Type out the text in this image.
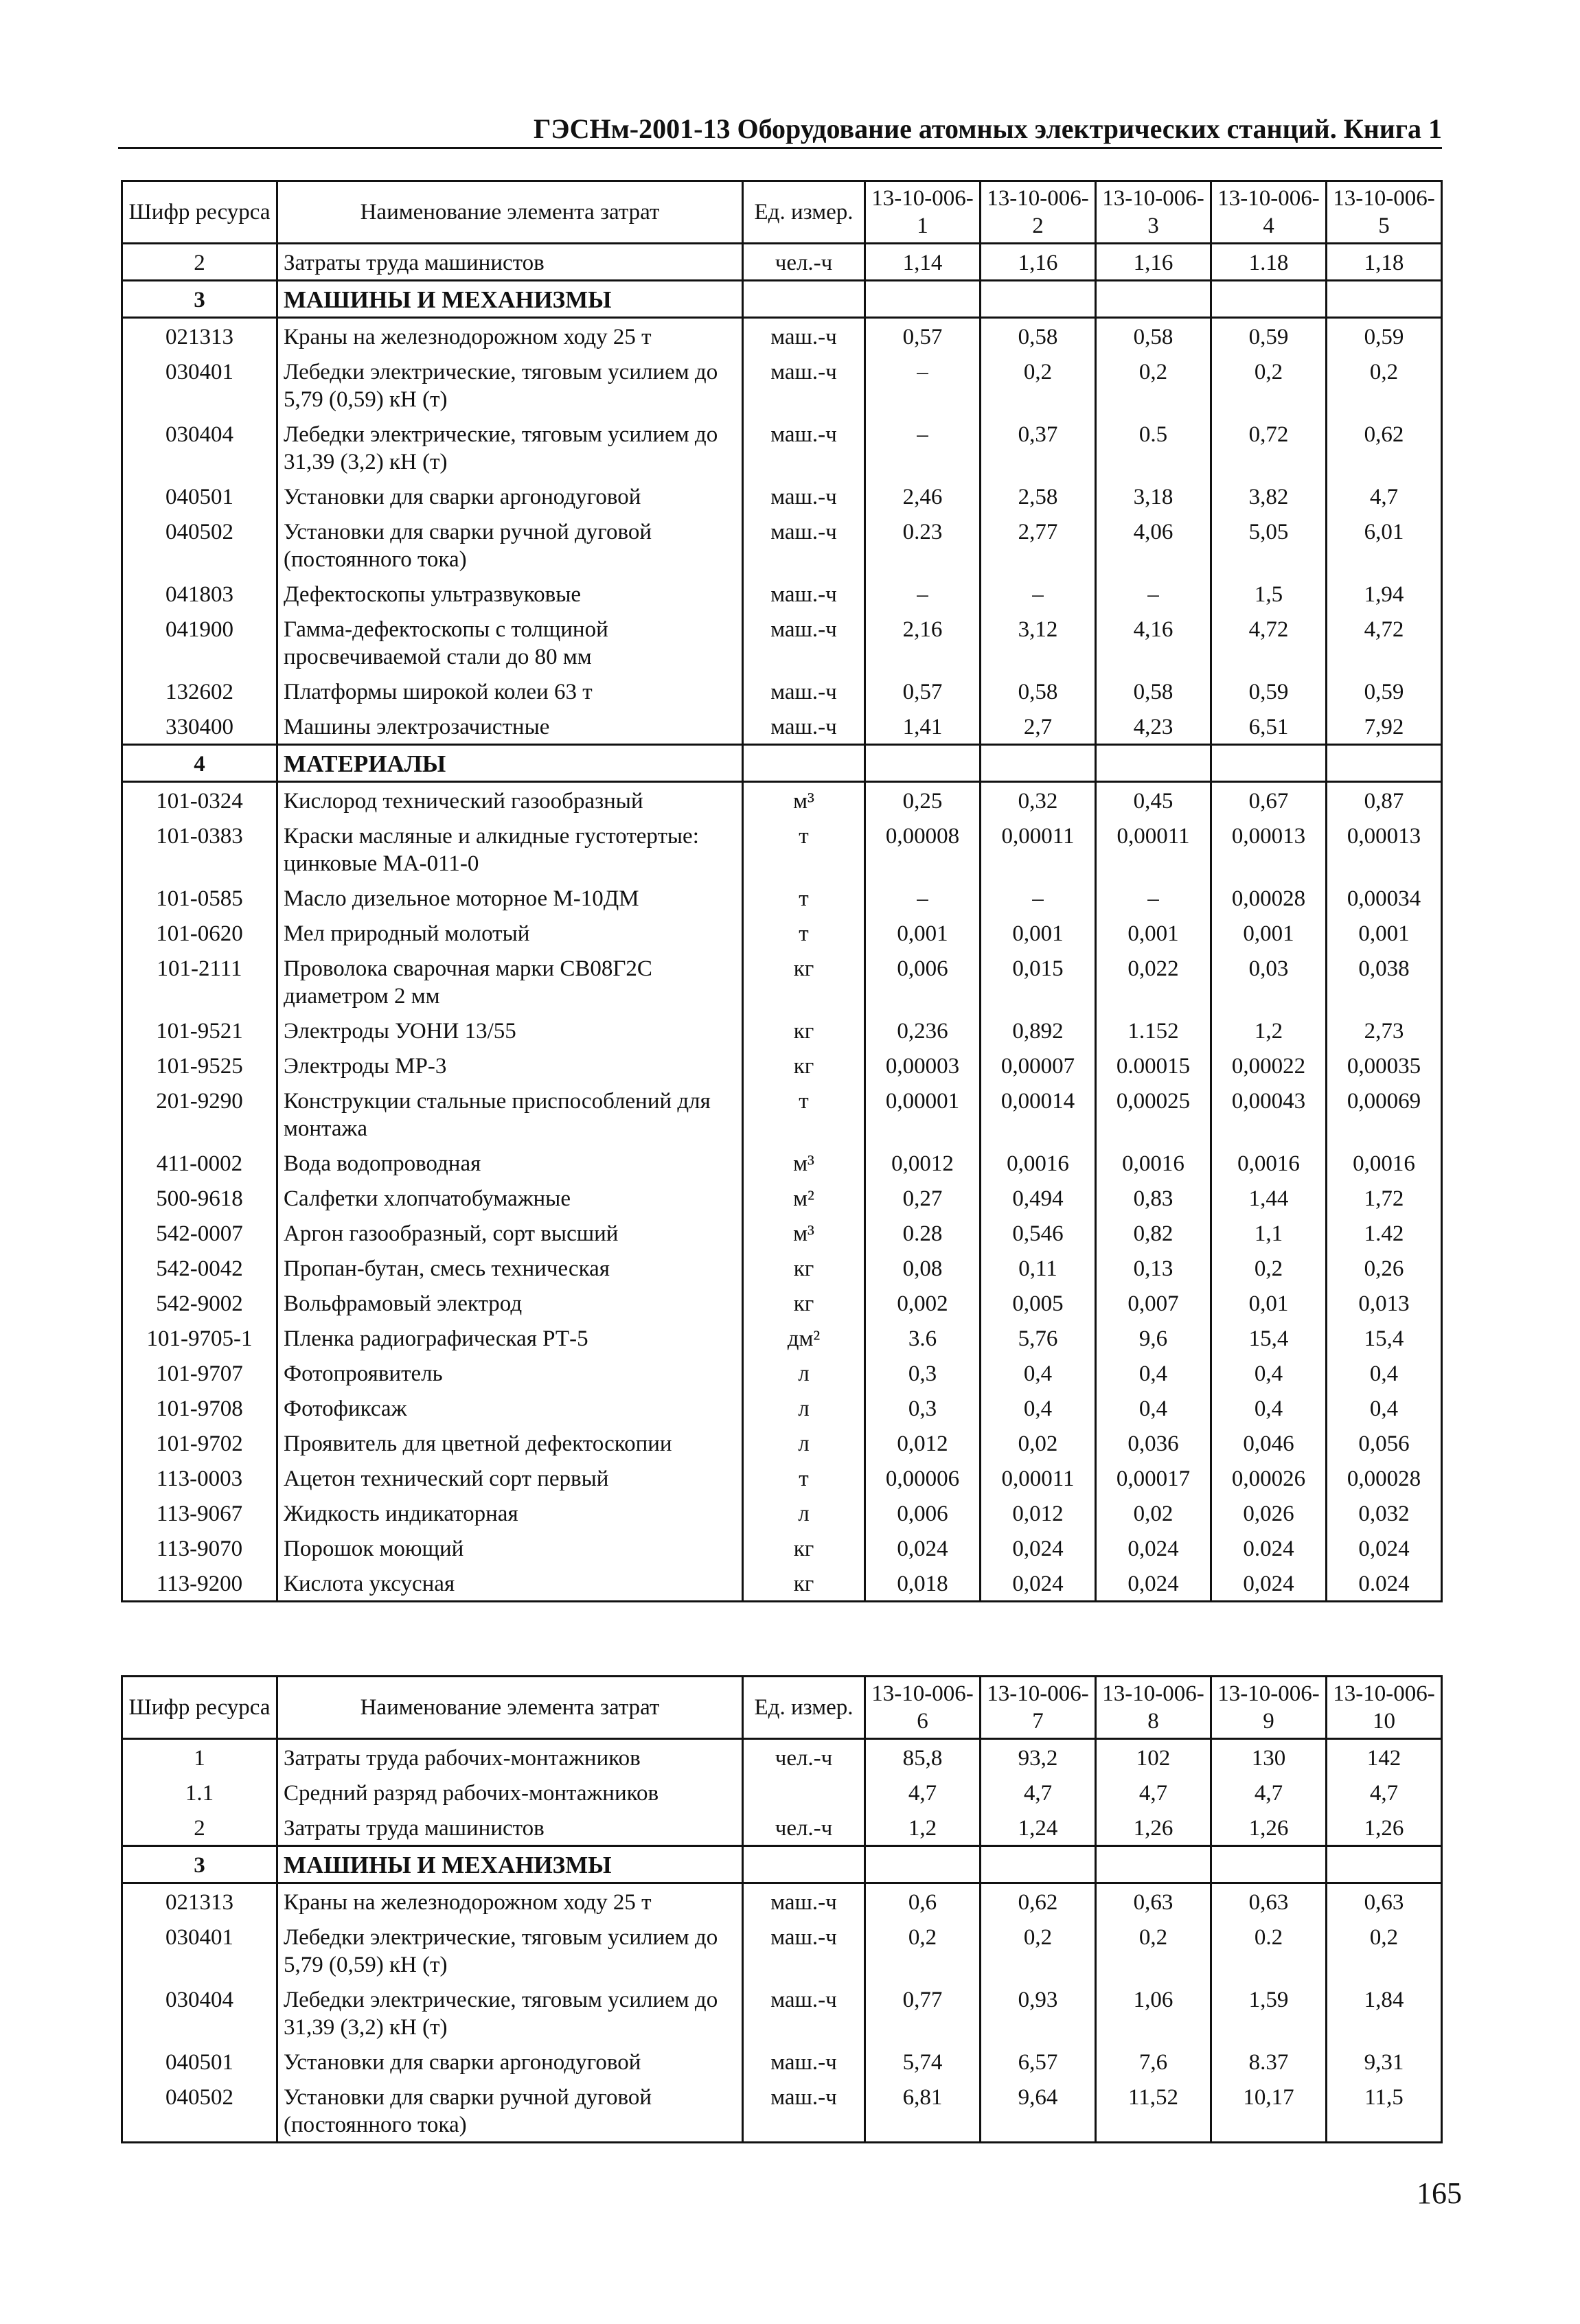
ГЭСНм-2001-13 Оборудование атомных электрических станций. Книга 1
Шифр ресурса	Наименование элемента затрат	Ед. измер.	13-10-006-1	13-10-006-2	13-10-006-3	13-10-006-4	13-10-006-5
2	Затраты труда машинистов	чел.-ч	1,14	1,16	1,16	1.18	1,18
3	МАШИНЫ И МЕХАНИЗМЫ						
021313	Краны на железнодорожном ходу 25 т	маш.-ч	0,57	0,58	0,58	0,59	0,59
030401	Лебедки электрические, тяговым усилием до 5,79 (0,59) кН (т)	маш.-ч	–	0,2	0,2	0,2	0,2
030404	Лебедки электрические, тяговым усилием до 31,39 (3,2) кН (т)	маш.-ч	–	0,37	0.5	0,72	0,62
040501	Установки для сварки аргонодуговой	маш.-ч	2,46	2,58	3,18	3,82	4,7
040502	Установки для сварки ручной дуговой (постоянного тока)	маш.-ч	0.23	2,77	4,06	5,05	6,01
041803	Дефектоскопы ультразвуковые	маш.-ч	–	–	–	1,5	1,94
041900	Гамма-дефектоскопы с толщиной просвечиваемой стали до 80 мм	маш.-ч	2,16	3,12	4,16	4,72	4,72
132602	Платформы широкой колеи 63 т	маш.-ч	0,57	0,58	0,58	0,59	0,59
330400	Машины электрозачистные	маш.-ч	1,41	2,7	4,23	6,51	7,92
4	МАТЕРИАЛЫ						
101-0324	Кислород технический газообразный	м³	0,25	0,32	0,45	0,67	0,87
101-0383	Краски масляные и алкидные густотертые: цинковые МА-011-0	т	0,00008	0,00011	0,00011	0,00013	0,00013
101-0585	Масло дизельное моторное М-10ДМ	т	–	–	–	0,00028	0,00034
101-0620	Мел природный молотый	т	0,001	0,001	0,001	0,001	0,001
101-2111	Проволока сварочная марки СВ08Г2С диаметром 2 мм	кг	0,006	0,015	0,022	0,03	0,038
101-9521	Электроды УОНИ 13/55	кг	0,236	0,892	1.152	1,2	2,73
101-9525	Электроды МР-3	кг	0,00003	0,00007	0.00015	0,00022	0,00035
201-9290	Конструкции стальные приспособлений для монтажа	т	0,00001	0,00014	0,00025	0,00043	0,00069
411-0002	Вода водопроводная	м³	0,0012	0,0016	0,0016	0,0016	0,0016
500-9618	Салфетки хлопчатобумажные	м²	0,27	0,494	0,83	1,44	1,72
542-0007	Аргон газообразный, сорт высший	м³	0.28	0,546	0,82	1,1	1.42
542-0042	Пропан-бутан, смесь техническая	кг	0,08	0,11	0,13	0,2	0,26
542-9002	Вольфрамовый электрод	кг	0,002	0,005	0,007	0,01	0,013
101-9705-1	Пленка радиографическая РТ-5	дм²	3.6	5,76	9,6	15,4	15,4
101-9707	Фотопроявитель	л	0,3	0,4	0,4	0,4	0,4
101-9708	Фотофиксаж	л	0,3	0,4	0,4	0,4	0,4
101-9702	Проявитель для цветной дефектоскопии	л	0,012	0,02	0,036	0,046	0,056
113-0003	Ацетон технический сорт первый	т	0,00006	0,00011	0,00017	0,00026	0,00028
113-9067	Жидкость индикаторная	л	0,006	0,012	0,02	0,026	0,032
113-9070	Порошок моющий	кг	0,024	0,024	0,024	0.024	0,024
113-9200	Кислота уксусная	кг	0,018	0,024	0,024	0,024	0.024
Шифр ресурса	Наименование элемента затрат	Ед. измер.	13-10-006-6	13-10-006-7	13-10-006-8	13-10-006-9	13-10-006-10
1	Затраты труда рабочих-монтажников	чел.-ч	85,8	93,2	102	130	142
1.1	Средний разряд рабочих-монтажников		4,7	4,7	4,7	4,7	4,7
2	Затраты труда машинистов	чел.-ч	1,2	1,24	1,26	1,26	1,26
3	МАШИНЫ И МЕХАНИЗМЫ						
021313	Краны на железнодорожном ходу 25 т	маш.-ч	0,6	0,62	0,63	0,63	0,63
030401	Лебедки электрические, тяговым усилием до 5,79 (0,59) кН (т)	маш.-ч	0,2	0,2	0,2	0.2	0,2
030404	Лебедки электрические, тяговым усилием до 31,39 (3,2) кН (т)	маш.-ч	0,77	0,93	1,06	1,59	1,84
040501	Установки для сварки аргонодуговой	маш.-ч	5,74	6,57	7,6	8.37	9,31
040502	Установки для сварки ручной дуговой (постоянного тока)	маш.-ч	6,81	9,64	11,52	10,17	11,5
165
